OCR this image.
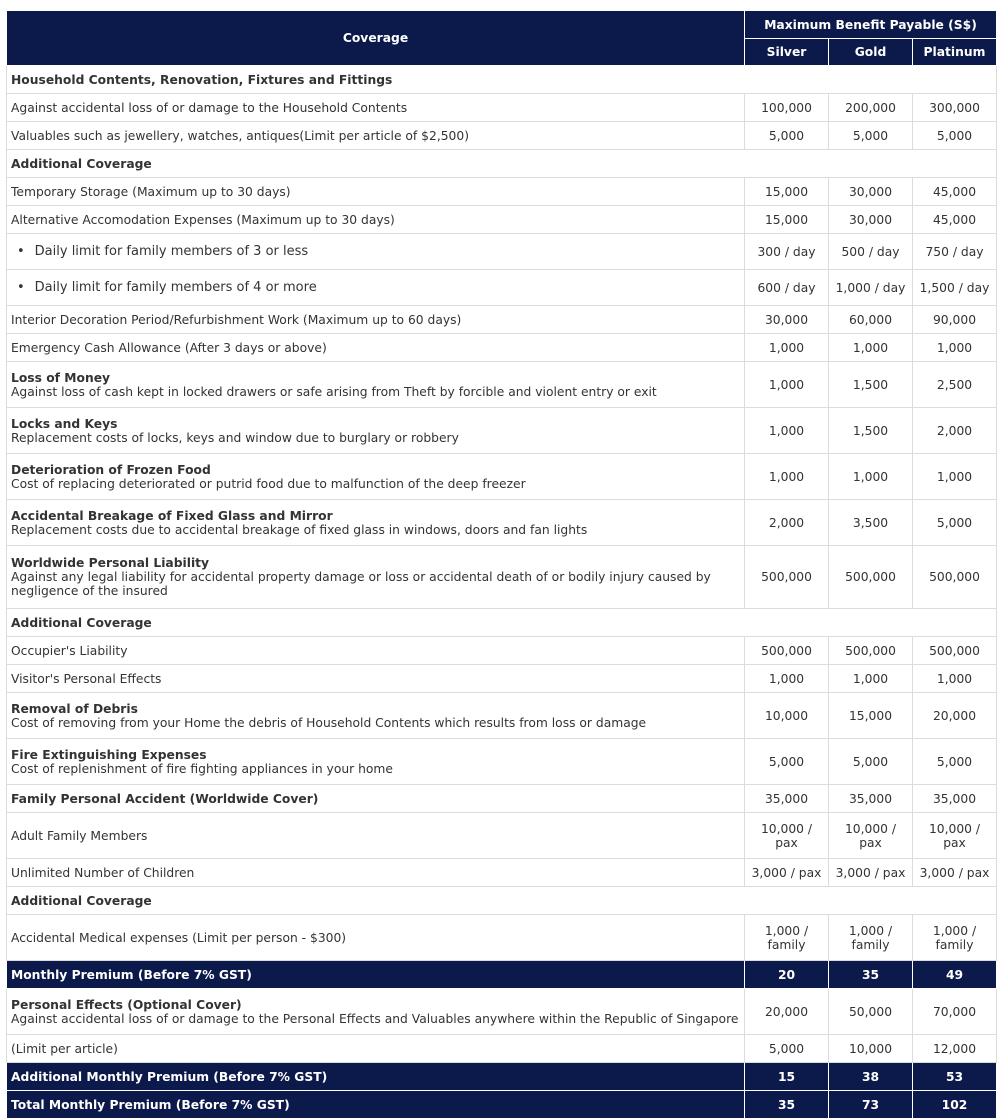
Coverage	Maximum Benefit Payable (S$)		
	Silver	Gold	Platinum
Household Contents, Renovation, Fixtures and Fittings			
Against accidental loss of or damage to the Household Contents	100,000	200,000	300,000
Valuables such as jewellery, watches, antiques(Limit per article of $2,500)	5,000	5,000	5,000
Additional Coverage			
Temporary Storage (Maximum up to 30 days)	15,000	30,000	45,000
Alternative Accomodation Expenses (Maximum up to 30 days)	15,000	30,000	45,000
• Daily limit for family members of 3 or less	300 / day	500 / day	750 / day
• Daily limit for family members of 4 or more	600 / day	1,000 / day	1,500 / day
Interior Decoration Period/Refurbishment Work (Maximum up to 60 days)	30,000	60,000	90,000
Emergency Cash Allowance (After 3 days or above)	1,000	1,000	1,000

Loss of Money
Against loss of cash kept in locked drawers or safe arising from Theft by forcible and violent entry or exit	1,000	1,500	2,500

Locks and Keys
Replacement costs of locks, keys and window due to burglary or robbery	1,000	1,500	2,000

Deterioration of Frozen Food
Cost of replacing deteriorated or putrid food due to malfunction of the deep freezer	1,000	1,000	1,000

Accidental Breakage of Fixed Glass and Mirror
Replacement costs due to accidental breakage of fixed glass in windows, doors and fan lights	2,000	3,500	5,000

Worldwide Personal Liability
Against any legal liability for accidental property damage or loss or accidental death of or bodily injury caused by negligence of the insured	500,000	500,000	500,000
Additional Coverage			
Occupier's Liability	500,000	500,000	500,000
Visitor's Personal Effects	1,000	1,000	1,000

Removal of Debris
Cost of removing from your Home the debris of Household Contents which results from loss or damage	10,000	15,000	20,000

Fire Extinguishing Expenses
Cost of replenishment of fire fighting appliances in your home	5,000	5,000	5,000
Family Personal Accident (Worldwide Cover)	35,000	35,000	35,000
Adult Family Members	10,000 / pax	10,000 / pax	10,000 / pax
Unlimited Number of Children	3,000 / pax	3,000 / pax	3,000 / pax
Additional Coverage			
Accidental Medical expenses (Limit per person - $300)	1,000 / family	1,000 / family	1,000 / family
Monthly Premium (Before 7% GST)	20	35	49

Personal Effects (Optional Cover)
Against accidental loss of or damage to the Personal Effects and Valuables anywhere within the Republic of Singapore	20,000	50,000	70,000
(Limit per article)	5,000	10,000	12,000
Additional Monthly Premium (Before 7% GST)	15	38	53
Total Monthly Premium (Before 7% GST)	35	73	102
